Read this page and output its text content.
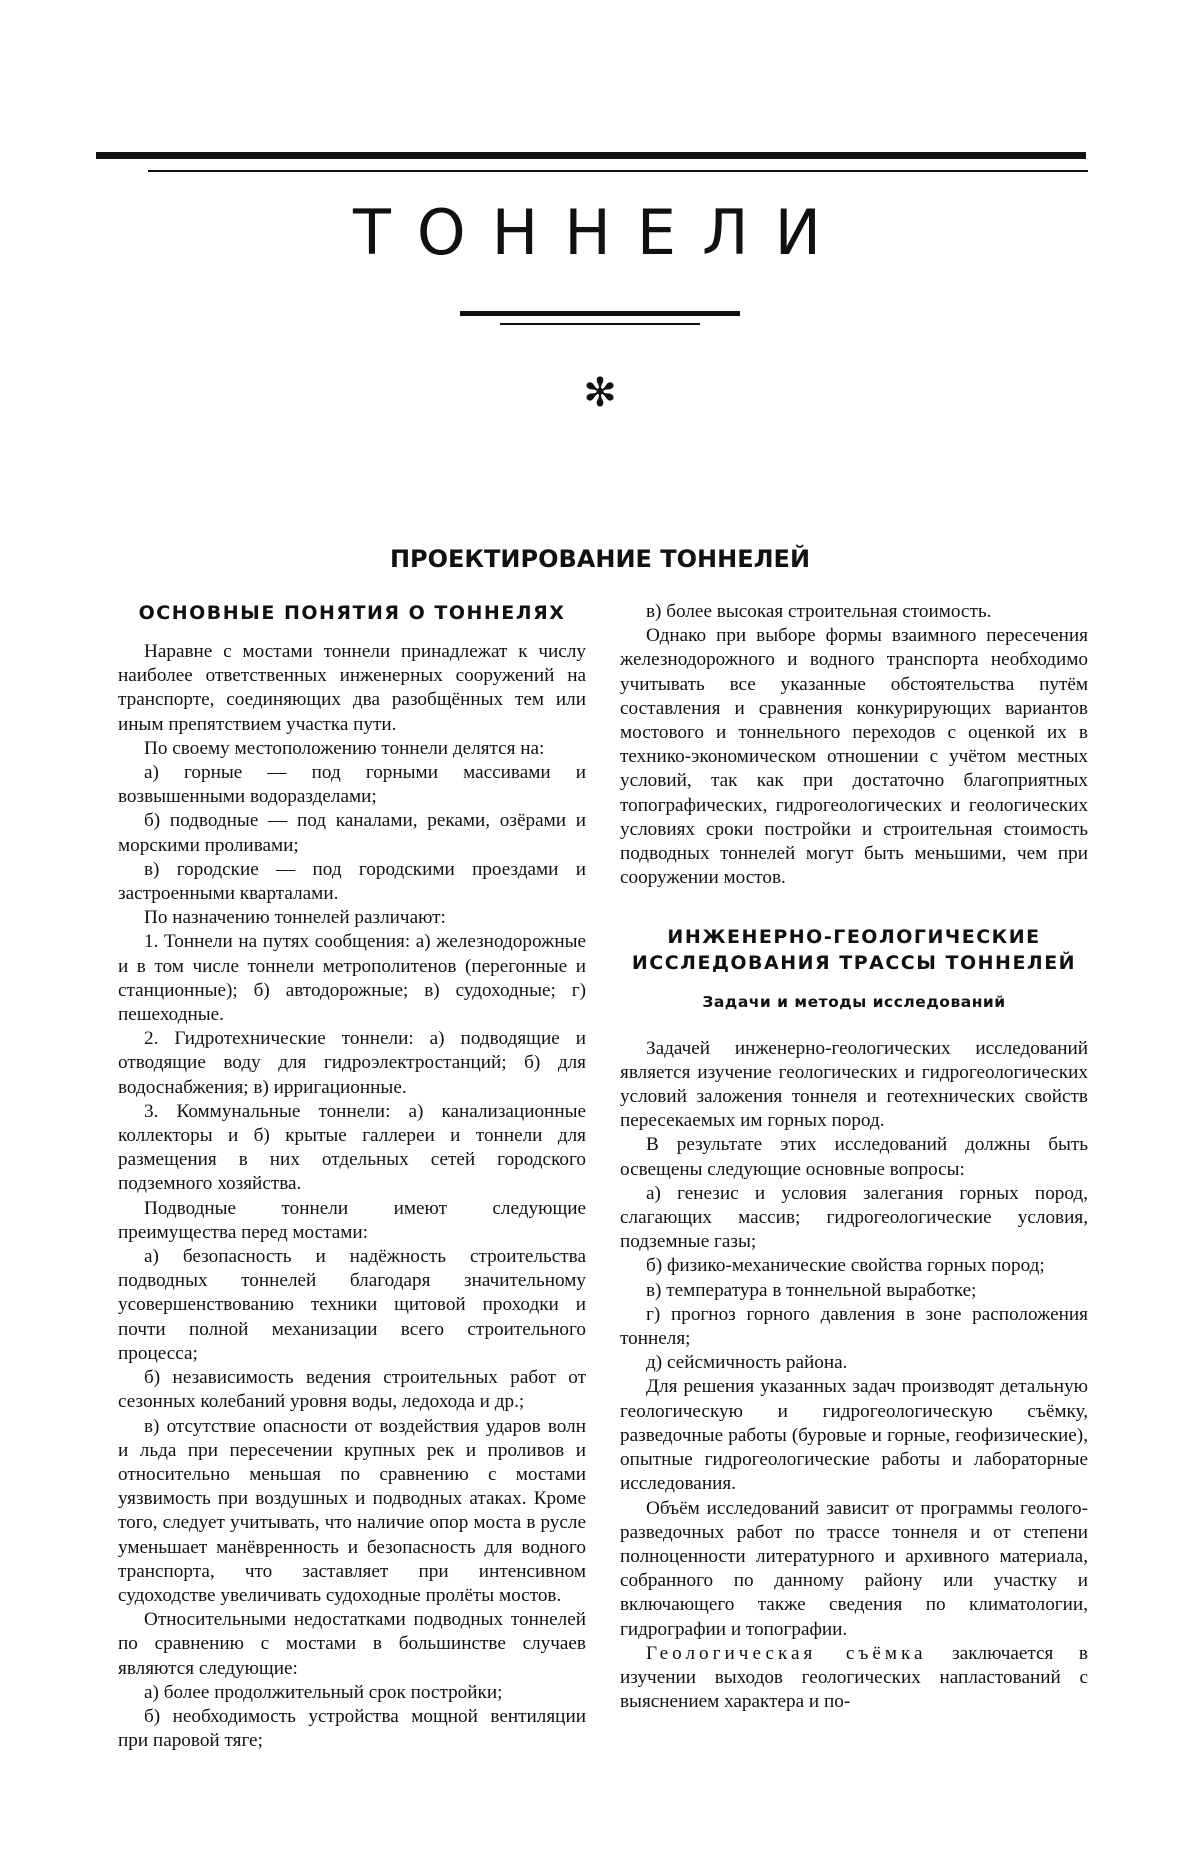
ТОННЕЛИ
✻
ПРОЕКТИРОВАНИЕ ТОННЕЛЕЙ
ОСНОВНЫЕ ПОНЯТИЯ О ТОННЕЛЯХ

Наравне с мостами тоннели принадлежат к числу наиболее ответственных инженерных сооружений на транспорте, соединяющих два разобщённых тем или иным препятствием участка пути.

По своему местоположению тоннели делятся на:

а) горные — под горными массивами и возвышенными водоразделами;

б) подводные — под каналами, реками, озёрами и морскими проливами;

в) городские — под городскими проездами и застроенными кварталами.

По назначению тоннелей различают:

1. Тоннели на путях сообщения: а) железнодорожные и в том числе тоннели метрополитенов (перегонные и станционные); б) автодорожные; в) судоходные; г) пешеходные.

2. Гидротехнические тоннели: а) подводящие и отводящие воду для гидроэлектростанций; б) для водоснабжения; в) ирригационные.

3. Коммунальные тоннели: а) канализационные коллекторы и б) крытые галлереи и тоннели для размещения в них отдельных сетей городского подземного хозяйства.

Подводные тоннели имеют следующие преимущества перед мостами:

а) безопасность и надёжность строительства подводных тоннелей благодаря значительному усовершенствованию техники щитовой проходки и почти полной механизации всего строительного процесса;

б) независимость ведения строительных работ от сезонных колебаний уровня воды, ледохода и др.;

в) отсутствие опасности от воздействия ударов волн и льда при пересечении крупных рек и проливов и относительно меньшая по сравнению с мостами уязвимость при воздушных и подводных атаках. Кроме того, следует учитывать, что наличие опор моста в русле уменьшает манёвренность и безопасность для водного транспорта, что заставляет при интенсивном судоходстве увеличивать судоходные пролёты мостов.

Относительными недостатками подводных тоннелей по сравнению с мостами в большинстве случаев являются следующие:

а) более продолжительный срок постройки;

б) необходимость устройства мощной вентиляции при паровой тяге;

в) более высокая строительная стоимость.

Однако при выборе формы взаимного пересечения железнодорожного и водного транспорта необходимо учитывать все указанные обстоятельства путём составления и сравнения конкурирующих вариантов мостового и тоннельного переходов с оценкой их в технико-экономическом отношении с учётом местных условий, так как при достаточно благоприятных топографических, гидрогеологических и геологических условиях сроки постройки и строительная стоимость подводных тоннелей могут быть меньшими, чем при сооружении мостов.

ИНЖЕНЕРНО-ГЕОЛОГИЧЕСКИЕ
ИССЛЕДОВАНИЯ ТРАССЫ ТОННЕЛЕЙ
Задачи и методы исследований

Задачей инженерно-геологических исследований является изучение геологических и гидрогеологических условий заложения тоннеля и геотехнических свойств пересекаемых им горных пород.

В результате этих исследований должны быть освещены следующие основные вопросы:

а) генезис и условия залегания горных пород, слагающих массив; гидрогеологические условия, подземные газы;

б) физико-механические свойства горных пород;

в) температура в тоннельной выработке;

г) прогноз горного давления в зоне расположения тоннеля;

д) сейсмичность района.

Для решения указанных задач производят детальную геологическую и гидрогеологическую съёмку, разведочные работы (буровые и горные, геофизические), опытные гидрогеологические работы и лабораторные исследования.

Объём исследований зависит от программы геолого-разведочных работ по трассе тоннеля и от степени полноценности литературного и архивного материала, собранного по данному району или участку и включающего также сведения по климатологии, гидрографии и топографии.

Геологическая съёмка заключается в изучении выходов геологических напластований с выяснением характера и по-
